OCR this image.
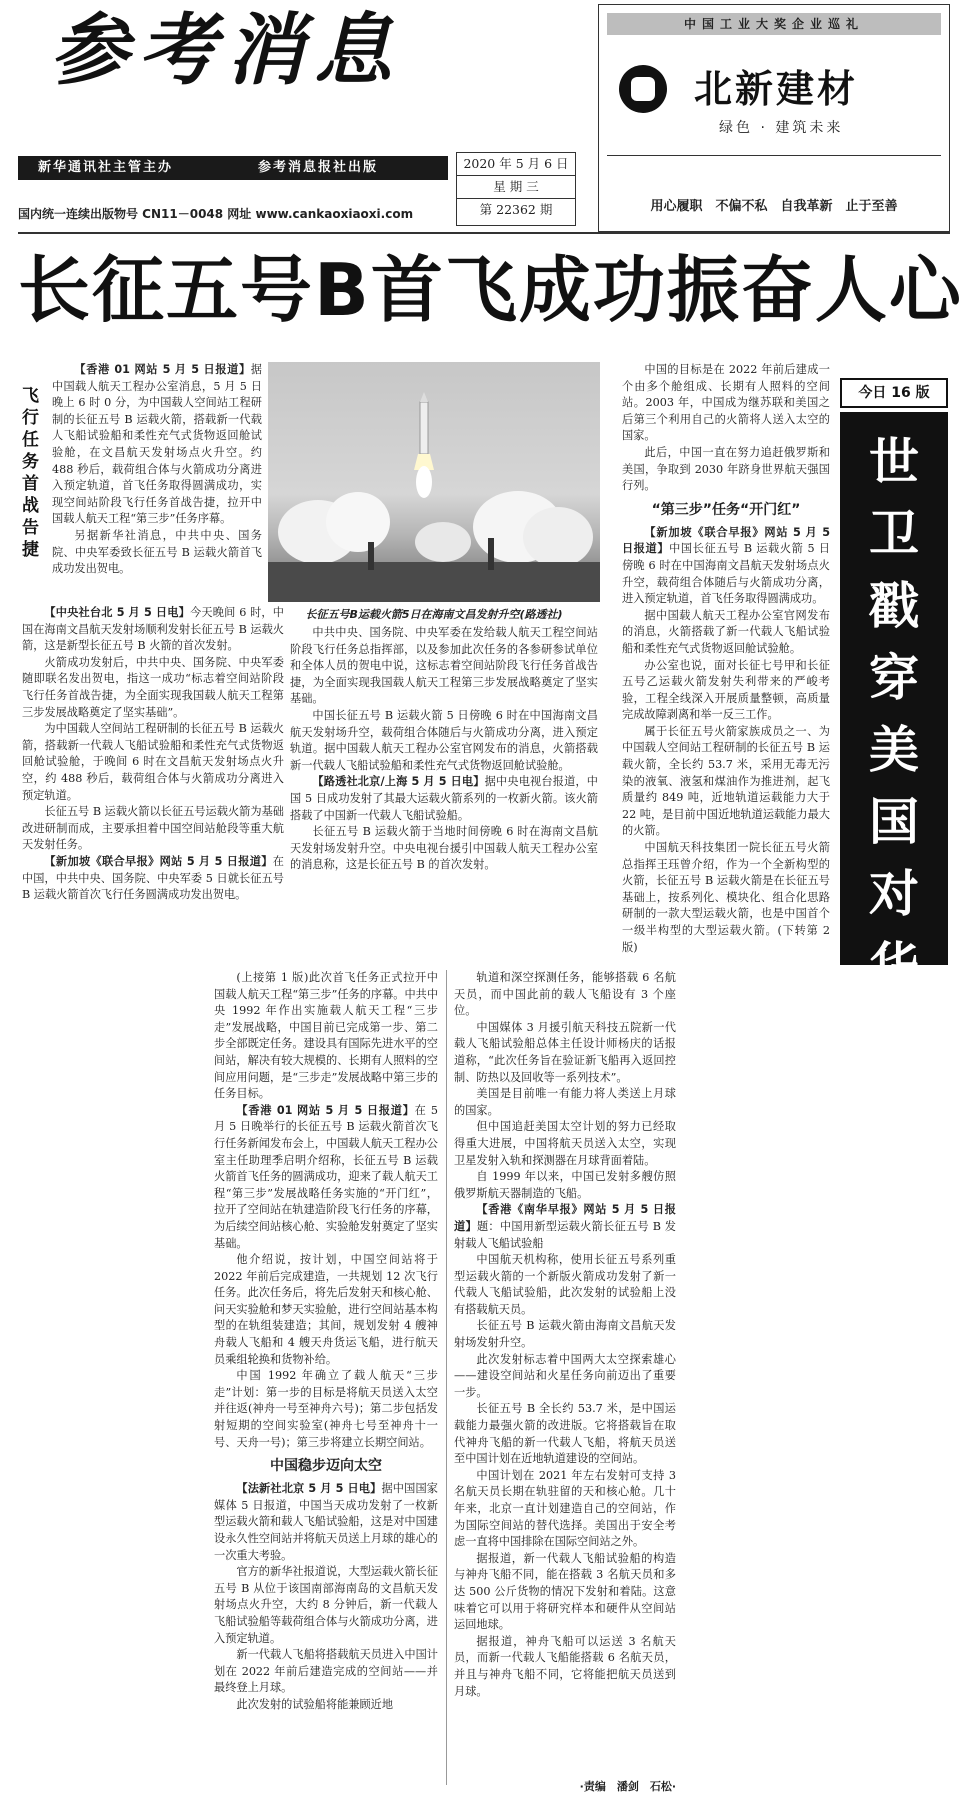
参考消息
新华通讯社主管主办	参考消息报社出版
国内统一连续出版物号 CN11－0048 网址 www.cankaoxiaoxi.com
2020 年 5 月 6 日
星 期 三
第 22362 期
中国工业大奖企业巡礼
北新建材
绿色 · 建筑未来
用心履职　不偏不私　自我革新　止于至善
长征五号B首飞成功振奋人心
飞行任务首战告捷

【香港 01 网站 5 月 5 日报道】据中国载人航天工程办公室消息，5 月 5 日晚上 6 时 0 分，为中国载人空间站工程研制的长征五号 B 运载火箭，搭载新一代载人飞船试验船和柔性充气式货物返回舱试验舱，在文昌航天发射场点火升空。约 488 秒后，载荷组合体与火箭成功分离进入预定轨道，首飞任务取得圆满成功，实现空间站阶段飞行任务首战告捷，拉开中国载人航天工程“第三步”任务序幕。

另据新华社消息，中共中央、国务院、中央军委致长征五号 B 运载火箭首飞成功发出贺电。

【中央社台北 5 月 5 日电】今天晚间 6 时，中国在海南文昌航天发射场顺利发射长征五号 B 运载火箭，这是新型长征五号 B 火箭的首次发射。

火箭成功发射后，中共中央、国务院、中央军委随即联名发出贺电，指这一成功“标志着空间站阶段飞行任务首战告捷，为全面实现我国载人航天工程第三步发展战略奠定了坚实基础”。

为中国载人空间站工程研制的长征五号 B 运载火箭，搭载新一代载人飞船试验船和柔性充气式货物返回舱试验舱，于晚间 6 时在文昌航天发射场点火升空，约 488 秒后，载荷组合体与火箭成功分离进入预定轨道。

长征五号 B 运载火箭以长征五号运载火箭为基础改进研制而成，主要承担着中国空间站舱段等重大航天发射任务。

【新加坡《联合早报》网站 5 月 5 日报道】在中国，中共中央、国务院、中央军委 5 日就长征五号 B 运载火箭首次飞行任务圆满成功发出贺电。

长征五号B运载火箭5日在海南文昌发射升空(路透社)

中共中央、国务院、中央军委在发给载人航天工程空间站阶段飞行任务总指挥部，以及参加此次任务的各参研参试单位和全体人员的贺电中说，这标志着空间站阶段飞行任务首战告捷，为全面实现我国载人航天工程第三步发展战略奠定了坚实基础。

中国长征五号 B 运载火箭 5 日傍晚 6 时在中国海南文昌航天发射场升空，载荷组合体随后与火箭成功分离，进入预定轨道。据中国载人航天工程办公室官网发布的消息，火箭搭载新一代载人飞船试验船和柔性充气式货物返回舱试验舱。

【路透社北京/上海 5 月 5 日电】据中央电视台报道，中国 5 日成功发射了其最大运载火箭系列的一枚新火箭。该火箭搭载了中国新一代载人飞船试验船。

长征五号 B 运载火箭于当地时间傍晚 6 时在海南文昌航天发射场发射升空。中央电视台援引中国载人航天工程办公室的消息称，这是长征五号 B 的首次发射。

中国的目标是在 2022 年前后建成一个由多个舱组成、长期有人照料的空间站。2003 年，中国成为继苏联和美国之后第三个利用自己的火箭将人送入太空的国家。

此后，中国一直在努力追赶俄罗斯和美国，争取到 2030 年跻身世界航天强国行列。

“第三步”任务“开门红”

【新加坡《联合早报》网站 5 月 5 日报道】中国长征五号 B 运载火箭 5 日傍晚 6 时在中国海南文昌航天发射场点火升空，载荷组合体随后与火箭成功分离，进入预定轨道，首飞任务取得圆满成功。

据中国载人航天工程办公室官网发布的消息，火箭搭载了新一代载人飞船试验船和柔性充气式货物返回舱试验舱。

办公室也说，面对长征七号甲和长征五号乙运载火箭发射失利带来的严峻考验，工程全线深入开展质量整顿，高质量完成故障剥离和举一反三工作。

属于长征五号火箭家族成员之一、为中国载人空间站工程研制的长征五号 B 运载火箭，全长约 53.7 米，采用无毒无污染的液氧、液氢和煤油作为推进剂，起飞质量约 849 吨，近地轨道运载能力大于 22 吨，是目前中国近地轨道运载能力最大的火箭。

中国航天科技集团一院长征五号火箭总指挥王珏曾介绍，作为一个全新构型的火箭，长征五号 B 运载火箭是在长征五号基础上，按系列化、模块化、组合化思路研制的一款大型运载火箭，也是中国首个一级半构型的大型运载火箭。(下转第 2 版)

今日 16 版
世卫戳穿美国对华抹黑

(上接第 1 版)此次首飞任务正式拉开中国载人航天工程“第三步”任务的序幕。中共中央 1992 年作出实施载人航天工程“三步走”发展战略，中国目前已完成第一步、第二步全部既定任务。建设具有国际先进水平的空间站，解决有较大规模的、长期有人照料的空间应用问题，是“三步走”发展战略中第三步的任务目标。

【香港 01 网站 5 月 5 日报道】在 5 月 5 日晚举行的长征五号 B 运载火箭首次飞行任务新闻发布会上，中国载人航天工程办公室主任助理季启明介绍称，长征五号 B 运载火箭首飞任务的圆满成功，迎来了载人航天工程“第三步”发展战略任务实施的“开门红”，拉开了空间站在轨建造阶段飞行任务的序幕，为后续空间站核心舱、实验舱发射奠定了坚实基础。

他介绍说，按计划，中国空间站将于 2022 年前后完成建造，一共规划 12 次飞行任务。此次任务后，将先后发射天和核心舱、问天实验舱和梦天实验舱，进行空间站基本构型的在轨组装建造；其间，规划发射 4 艘神舟载人飞船和 4 艘天舟货运飞船，进行航天员乘组轮换和货物补给。

中国 1992 年确立了载人航天“三步走”计划：第一步的目标是将航天员送入太空并往返(神舟一号至神舟六号)；第二步包括发射短期的空间实验室(神舟七号至神舟十一号、天舟一号)；第三步将建立长期空间站。

中国稳步迈向太空

【法新社北京 5 月 5 日电】据中国国家媒体 5 日报道，中国当天成功发射了一枚新型运载火箭和载人飞船试验船，这是对中国建设永久性空间站并将航天员送上月球的雄心的一次重大考验。

官方的新华社报道说，大型运载火箭长征五号 B 从位于该国南部海南岛的文昌航天发射场点火升空，大约 8 分钟后，新一代载人飞船试验船等载荷组合体与火箭成功分离，进入预定轨道。

新一代载人飞船将搭载航天员进入中国计划在 2022 年前后建造完成的空间站——并最终登上月球。

此次发射的试验船将能兼顾近地

轨道和深空探测任务，能够搭载 6 名航天员，而中国此前的载人飞船设有 3 个座位。

中国媒体 3 月援引航天科技五院新一代载人飞船试验船总体主任设计师杨庆的话报道称，“此次任务旨在验证新飞船再入返回控制、防热以及回收等一系列技术”。

美国是目前唯一有能力将人类送上月球的国家。

但中国追赶美国太空计划的努力已经取得重大进展，中国将航天员送入太空，实现卫星发射入轨和探测器在月球背面着陆。

自 1999 年以来，中国已发射多艘仿照俄罗斯航天器制造的飞船。

【香港《南华早报》网站 5 月 5 日报道】题：中国用新型运载火箭长征五号 B 发射载人飞船试验船

中国航天机构称，使用长征五号系列重型运载火箭的一个新版火箭成功发射了新一代载人飞船试验船，此次发射的试验船上没有搭载航天员。

长征五号 B 运载火箭由海南文昌航天发射场发射升空。

此次发射标志着中国两大太空探索雄心——建设空间站和火星任务向前迈出了重要一步。

长征五号 B 全长约 53.7 米，是中国运载能力最强火箭的改进版。它将搭载旨在取代神舟飞船的新一代载人飞船，将航天员送至中国计划在近地轨道建设的空间站。

中国计划在 2021 年左右发射可支持 3 名航天员长期在轨驻留的天和核心舱。几十年来，北京一直计划建造自己的空间站，作为国际空间站的替代选择。美国出于安全考虑一直将中国排除在国际空间站之外。

据报道，新一代载人飞船试验船的构造与神舟飞船不同，能在搭载 3 名航天员和多达 500 公斤货物的情况下发射和着陆。这意味着它可以用于将研究样本和硬件从空间站运回地球。

据报道，神舟飞船可以运送 3 名航天员，而新一代载人飞船能搭载 6 名航天员，并且与神舟飞船不同，它将能把航天员送到月球。

·责编　潘剑　石松·
